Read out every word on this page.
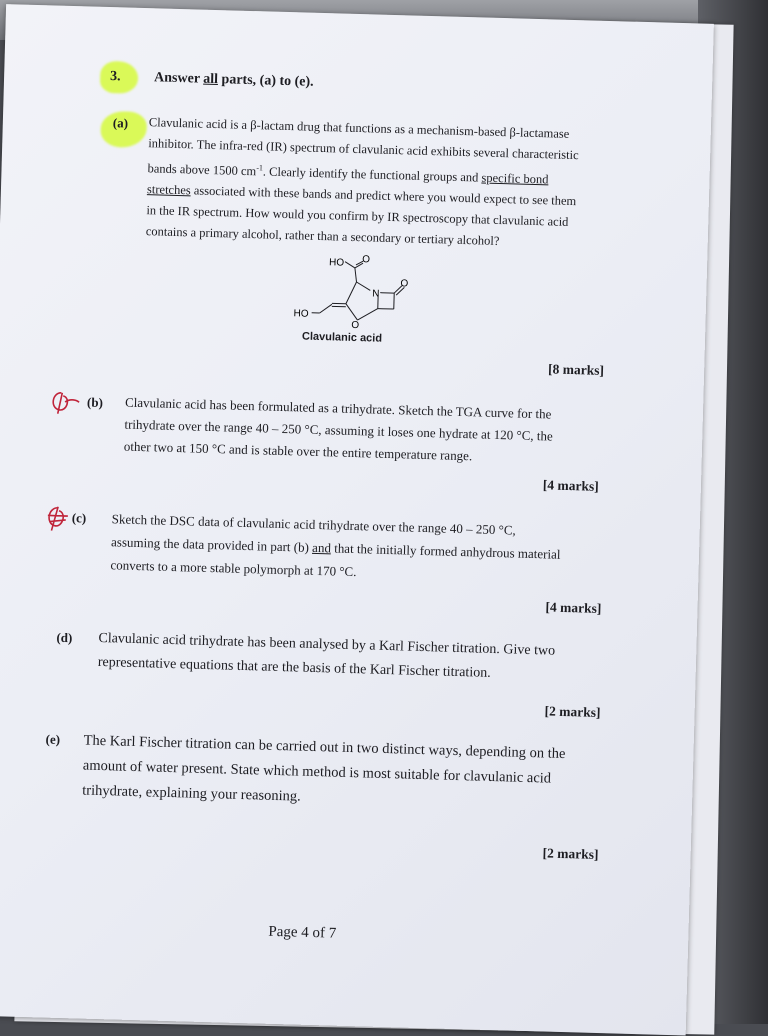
3. Answer all parts, (a) to (e).
(a) Clavulanic acid is a β-lactam drug that functions as a mechanism-based β-lactamase
inhibitor. The infra-red (IR) spectrum of clavulanic acid exhibits several characteristic
bands above 1500 $cm^{-1}$. Clearly identify the functional groups and specific bond
stretches associated with these bands and predict where you would expect to see them
in the IR spectrum. How would you confirm by IR spectroscopy that clavulanic acid
contains a primary alcohol, rather than a secondary or tertiary alcohol?
HO O
N
O
HO
O
Clavulanic acid
[8 marks]
(b) Clavulanic acid has been formulated as a trihydrate. Sketch the TGA curve for the
trihydrate over the range 40 – 250 °C, assuming it loses one hydrate at 120 °C, the
other two at 150 °C and is stable over the entire temperature range.
[4 marks]
(c) Sketch the DSC data of clavulanic acid trihydrate over the range 40 – 250 °C,
assuming the data provided in part (b) and that the initially formed anhydrous material
converts to a more stable polymorph at 170 °C.
[4 marks]
(d) Clavulanic acid trihydrate has been analysed by a Karl Fischer titration. Give two
representative equations that are the basis of the Karl Fischer titration.
[2 marks]
(e) The Karl Fischer titration can be carried out in two distinct ways, depending on the
amount of water present. State which method is most suitable for clavulanic acid
trihydrate, explaining your reasoning.
[2 marks]
Page 4 of 7
